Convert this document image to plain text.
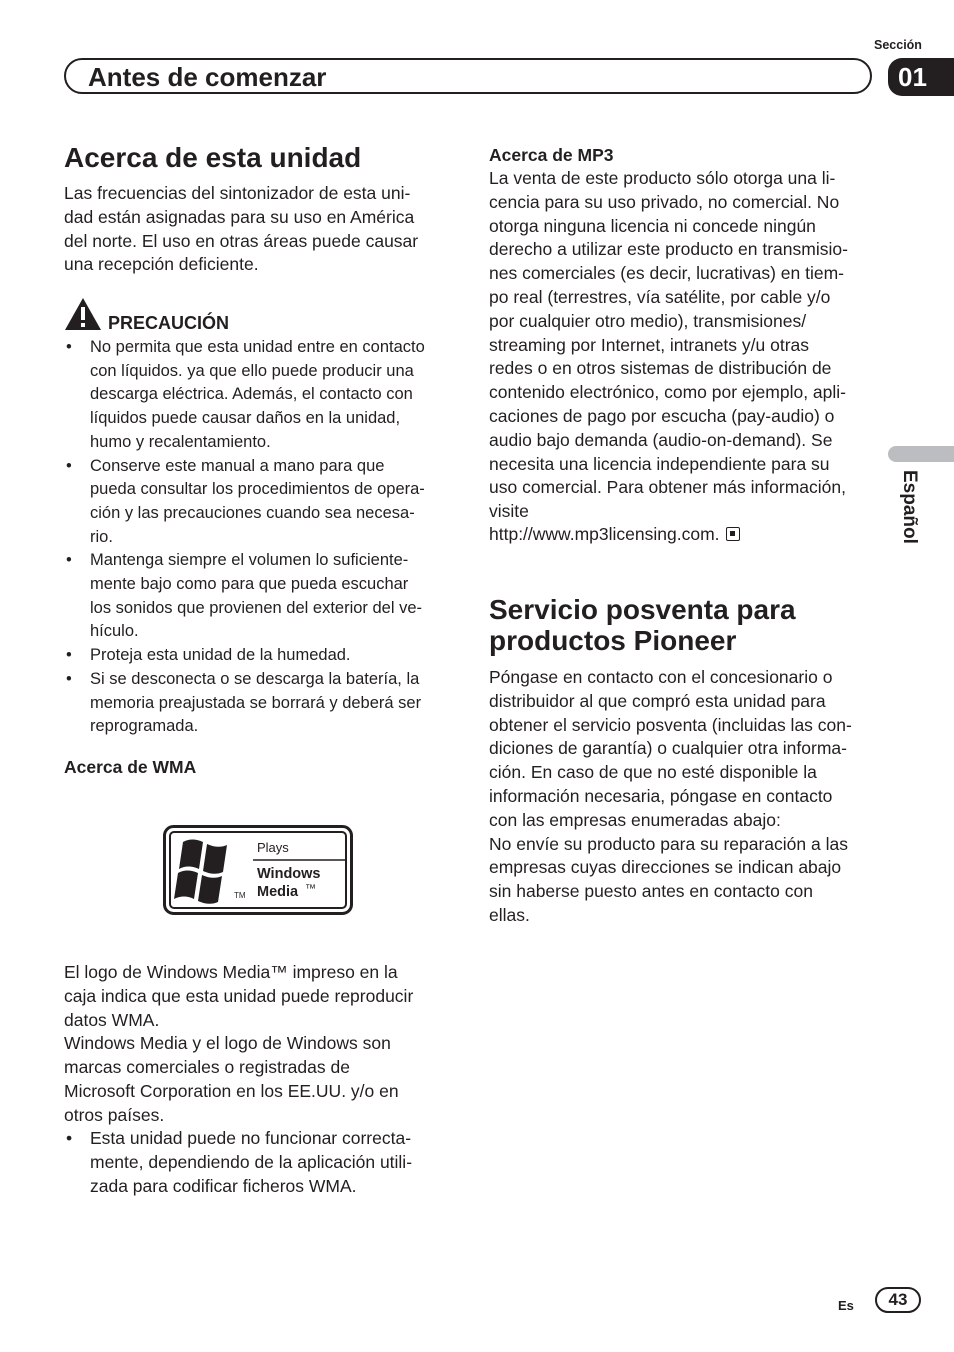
Sección
Antes de comenzar	01
Español
Acerca de esta unidad
Las frecuencias del sintonizador de esta uni-
dad están asignadas para su uso en América
del norte. El uso en otras áreas puede causar
una recepción deficiente.
PRECAUCIÓN
• No permita que esta unidad entre en contacto
con líquidos. ya que ello puede producir una
descarga eléctrica. Además, el contacto con
líquidos puede causar daños en la unidad,
humo y recalentamiento.
• Conserve este manual a mano para que
pueda consultar los procedimientos de opera-
ción y las precauciones cuando sea necesa-
rio.
• Mantenga siempre el volumen lo suficiente-
mente bajo como para que pueda escuchar
los sonidos que provienen del exterior del ve-
hículo.
• Proteja esta unidad de la humedad.
• Si se desconecta o se descarga la batería, la
memoria preajustada se borrará y deberá ser
reprogramada.
Acerca de WMA
Plays
Windows
Media ™
TM
El logo de Windows Media™ impreso en la
caja indica que esta unidad puede reproducir
datos WMA.
Windows Media y el logo de Windows son
marcas comerciales o registradas de
Microsoft Corporation en los EE.UU. y/o en
otros países.
• Esta unidad puede no funcionar correcta-
mente, dependiendo de la aplicación utili-
zada para codificar ficheros WMA.
Acerca de MP3
La venta de este producto sólo otorga una li-
cencia para su uso privado, no comercial. No
otorga ninguna licencia ni concede ningún
derecho a utilizar este producto en transmisio-
nes comerciales (es decir, lucrativas) en tiem-
po real (terrestres, vía satélite, por cable y/o
por cualquier otro medio), transmisiones/
streaming por Internet, intranets y/u otras
redes o en otros sistemas de distribución de
contenido electrónico, como por ejemplo, apli-
caciones de pago por escucha (pay-audio) o
audio bajo demanda (audio-on-demand). Se
necesita una licencia independiente para su
uso comercial. Para obtener más información,
visite
http://www.mp3licensing.com.
Servicio posventa para
productos Pioneer
Póngase en contacto con el concesionario o
distribuidor al que compró esta unidad para
obtener el servicio posventa (incluidas las con-
diciones de garantía) o cualquier otra informa-
ción. En caso de que no esté disponible la
información necesaria, póngase en contacto
con las empresas enumeradas abajo:
No envíe su producto para su reparación a las
empresas cuyas direcciones se indican abajo
sin haberse puesto antes en contacto con
ellas.
Es	43
